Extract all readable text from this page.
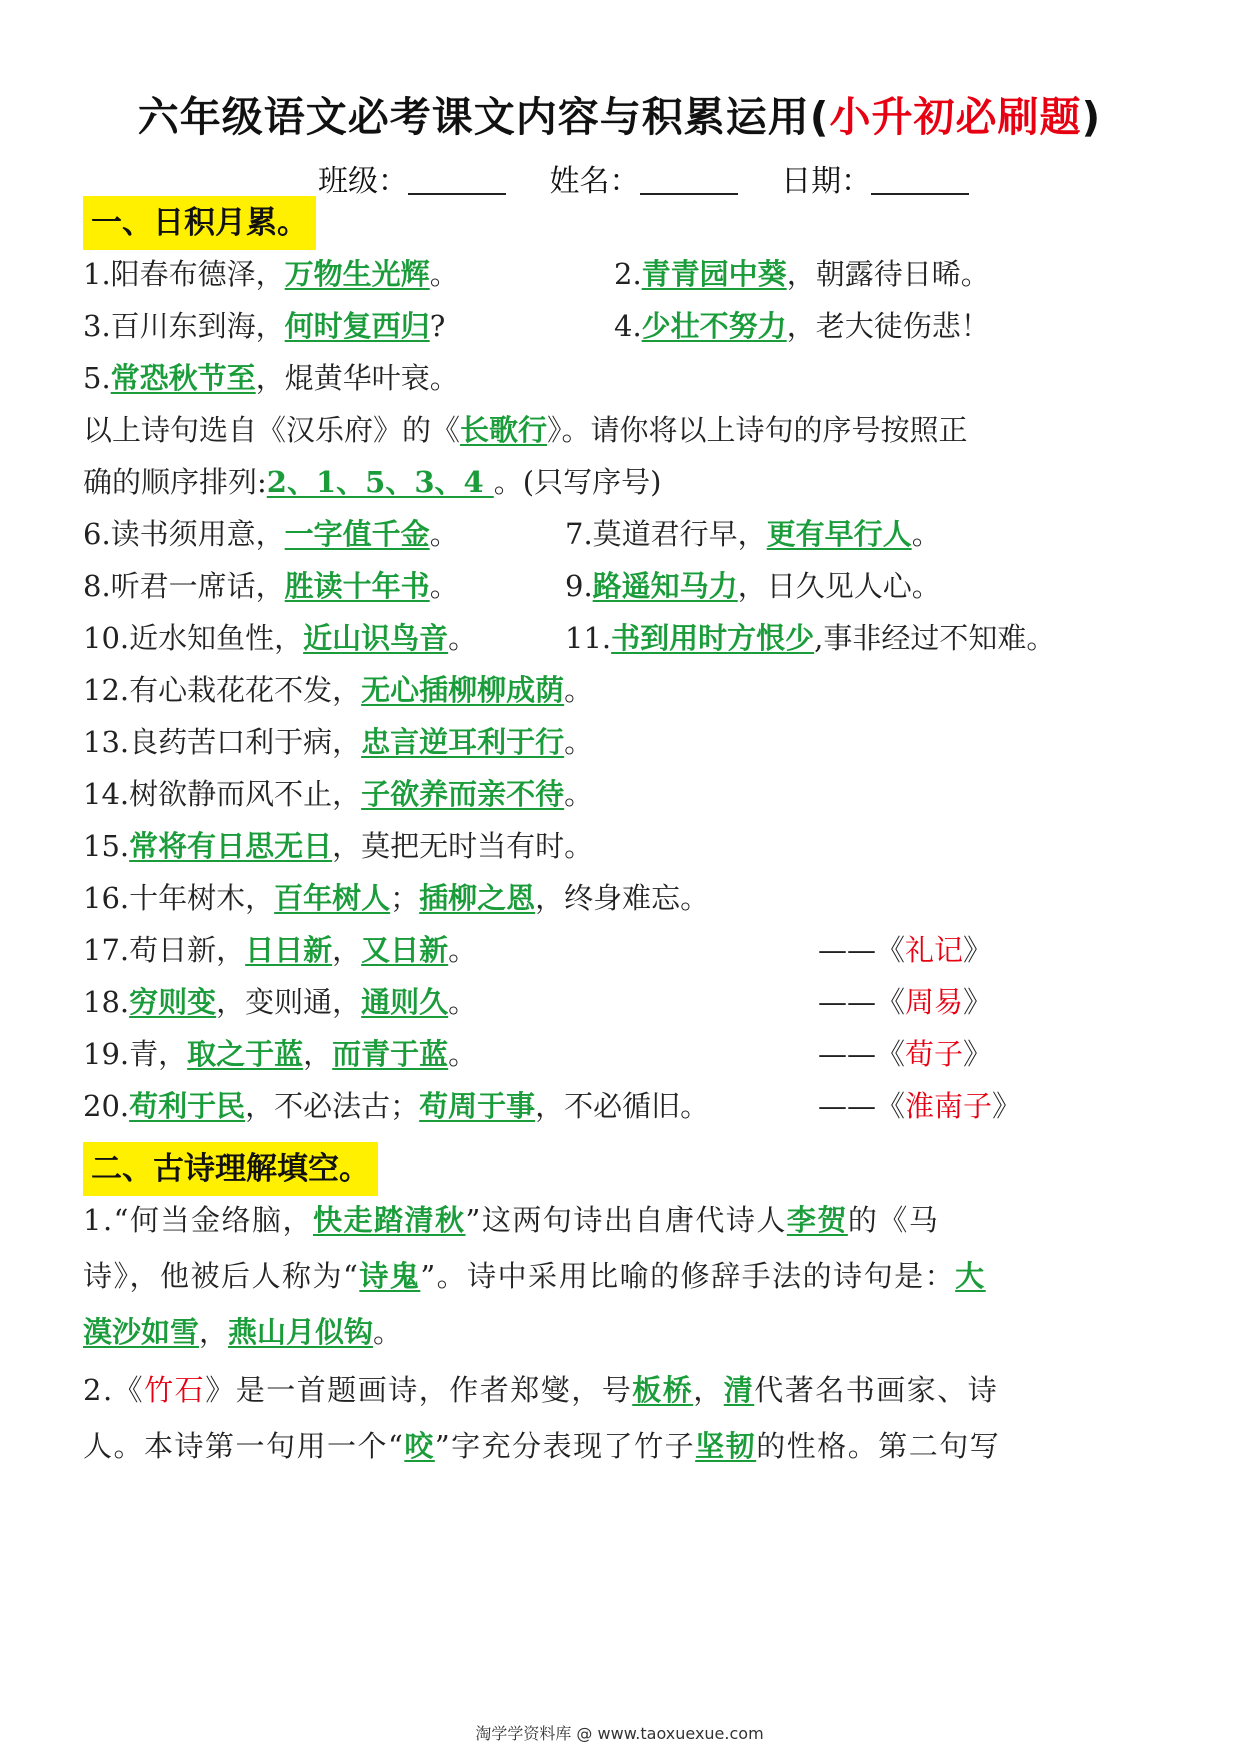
六年级语文必考课文内容与积累运用(小升初必刷题)
班级：	姓名：	日期：
一、日积月累。
1.阳春布德泽，万物生光辉。	2.青青园中葵，朝露待日晞。
3.百川东到海，何时复西归?	4.少壮不努力，老大徒伤悲！
5.常恐秋节至，焜黄华叶衰。
以上诗句选自《汉乐府》的《长歌行》。请你将以上诗句的序号按照正
确的顺序排列:2、1、5、3、4 。(只写序号)
6.读书须用意，一字值千金。	7.莫道君行早，更有早行人。
8.听君一席话，胜读十年书。	9.路遥知马力，日久见人心。
10.近水知鱼性，近山识鸟音。	11.书到用时方恨少,事非经过不知难。
12.有心栽花花不发，无心插柳柳成荫。
13.良药苦口利于病，忠言逆耳利于行。
14.树欲静而风不止，子欲养而亲不待。
15.常将有日思无日，莫把无时当有时。
16.十年树木，百年树人；插柳之恩，终身难忘。
17.苟日新，日日新，又日新。	——《礼记》
18.穷则变，变则通，通则久。	——《周易》
19.青，取之于蓝，而青于蓝。	——《荀子》
20.苟利于民，不必法古；苟周于事，不必循旧。	——《淮南子》
二、古诗理解填空。
1.“何当金络脑，快走踏清秋”这两句诗出自唐代诗人李贺的《马
诗》，他被后人称为“诗鬼”。诗中采用比喻的修辞手法的诗句是：大
漠沙如雪，燕山月似钩。
2.《竹石》是一首题画诗，作者郑燮，号板桥，清代著名书画家、诗
人。本诗第一句用一个“咬”字充分表现了竹子坚韧的性格。第二句写
淘学学资料库 @ www.taoxuexue.com
